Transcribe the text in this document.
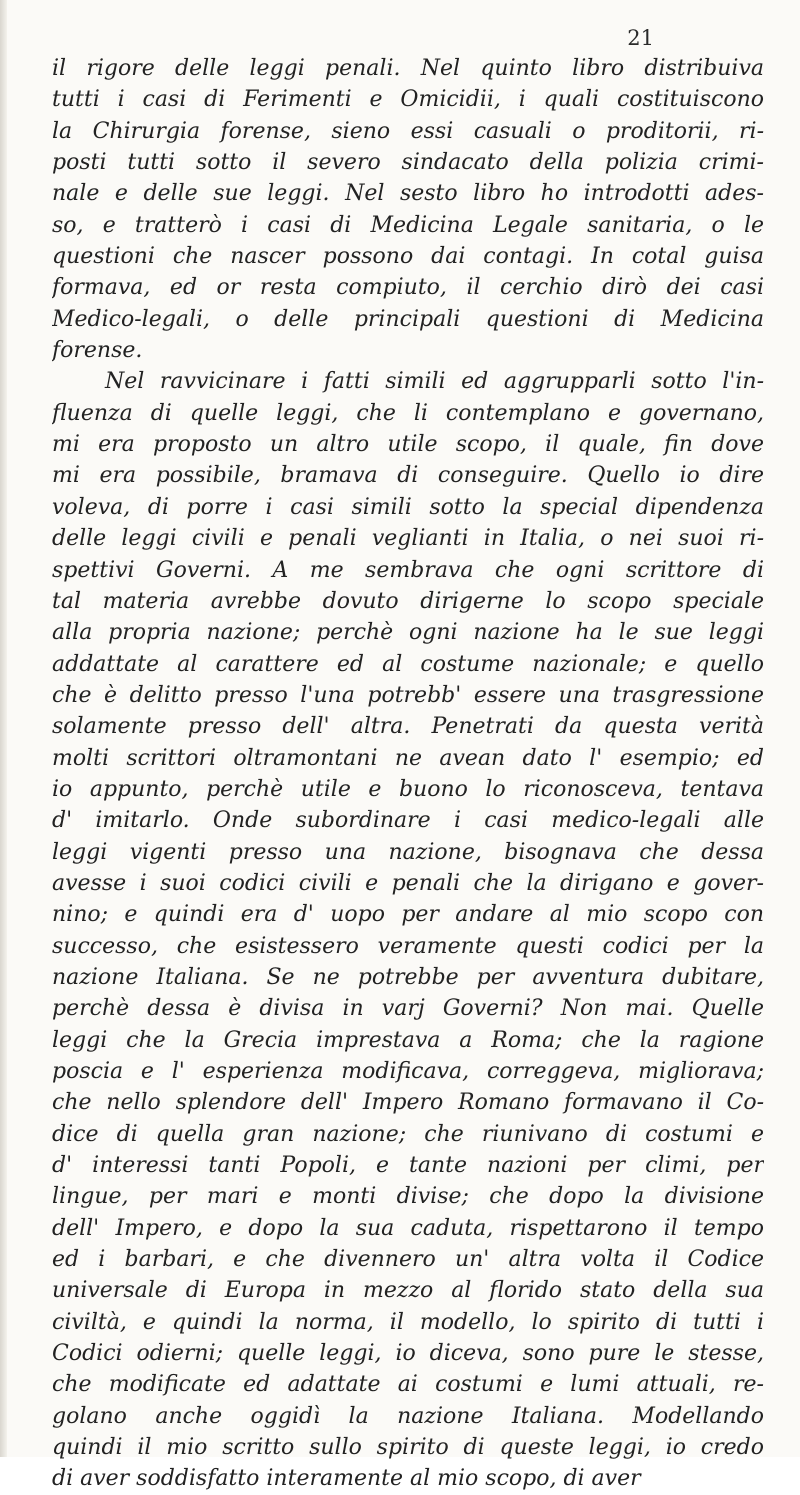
21
il rigore delle leggi penali. Nel quinto libro distribuiva
tutti i casi di Ferimenti e Omicidii, i quali costituiscono
la Chirurgia forense, sieno essi casuali o proditorii, ri-
posti tutti sotto il severo sindacato della polizia crimi-
nale e delle sue leggi. Nel sesto libro ho introdotti ades-
so, e tratterò i casi di Medicina Legale sanitaria, o le
questioni che nascer possono dai contagi. In cotal guisa
formava, ed or resta compiuto, il cerchio dirò dei casi
Medico-legali, o delle principali questioni di Medicina
forense.
Nel ravvicinare i fatti simili ed aggrupparli sotto l'in-
fluenza di quelle leggi, che li contemplano e governano,
mi era proposto un altro utile scopo, il quale, fin dove
mi era possibile, bramava di conseguire. Quello io dire
voleva, di porre i casi simili sotto la special dipendenza
delle leggi civili e penali veglianti in Italia, o nei suoi ri-
spettivi Governi. A me sembrava che ogni scrittore di
tal materia avrebbe dovuto dirigerne lo scopo speciale
alla propria nazione; perchè ogni nazione ha le sue leggi
addattate al carattere ed al costume nazionale; e quello
che è delitto presso l'una potrebb' essere una trasgressione
solamente presso dell' altra. Penetrati da questa verità
molti scrittori oltramontani ne avean dato l' esempio; ed
io appunto, perchè utile e buono lo riconosceva, tentava
d' imitarlo. Onde subordinare i casi medico-legali alle
leggi vigenti presso una nazione, bisognava che dessa
avesse i suoi codici civili e penali che la dirigano e gover-
nino; e quindi era d' uopo per andare al mio scopo con
successo, che esistessero veramente questi codici per la
nazione Italiana. Se ne potrebbe per avventura dubitare,
perchè dessa è divisa in varj Governi? Non mai. Quelle
leggi che la Grecia imprestava a Roma; che la ragione
poscia e l' esperienza modificava, correggeva, migliorava;
che nello splendore dell' Impero Romano formavano il Co-
dice di quella gran nazione; che riunivano di costumi e
d' interessi tanti Popoli, e tante nazioni per climi, per
lingue, per mari e monti divise; che dopo la divisione
dell' Impero, e dopo la sua caduta, rispettarono il tempo
ed i barbari, e che divennero un' altra volta il Codice
universale di Europa in mezzo al florido stato della sua
civiltà, e quindi la norma, il modello, lo spirito di tutti i
Codici odierni; quelle leggi, io diceva, sono pure le stesse,
che modificate ed adattate ai costumi e lumi attuali, re-
golano anche oggidì la nazione Italiana. Modellando
quindi il mio scritto sullo spirito di queste leggi, io credo
di aver soddisfatto interamente al mio scopo, di aver
